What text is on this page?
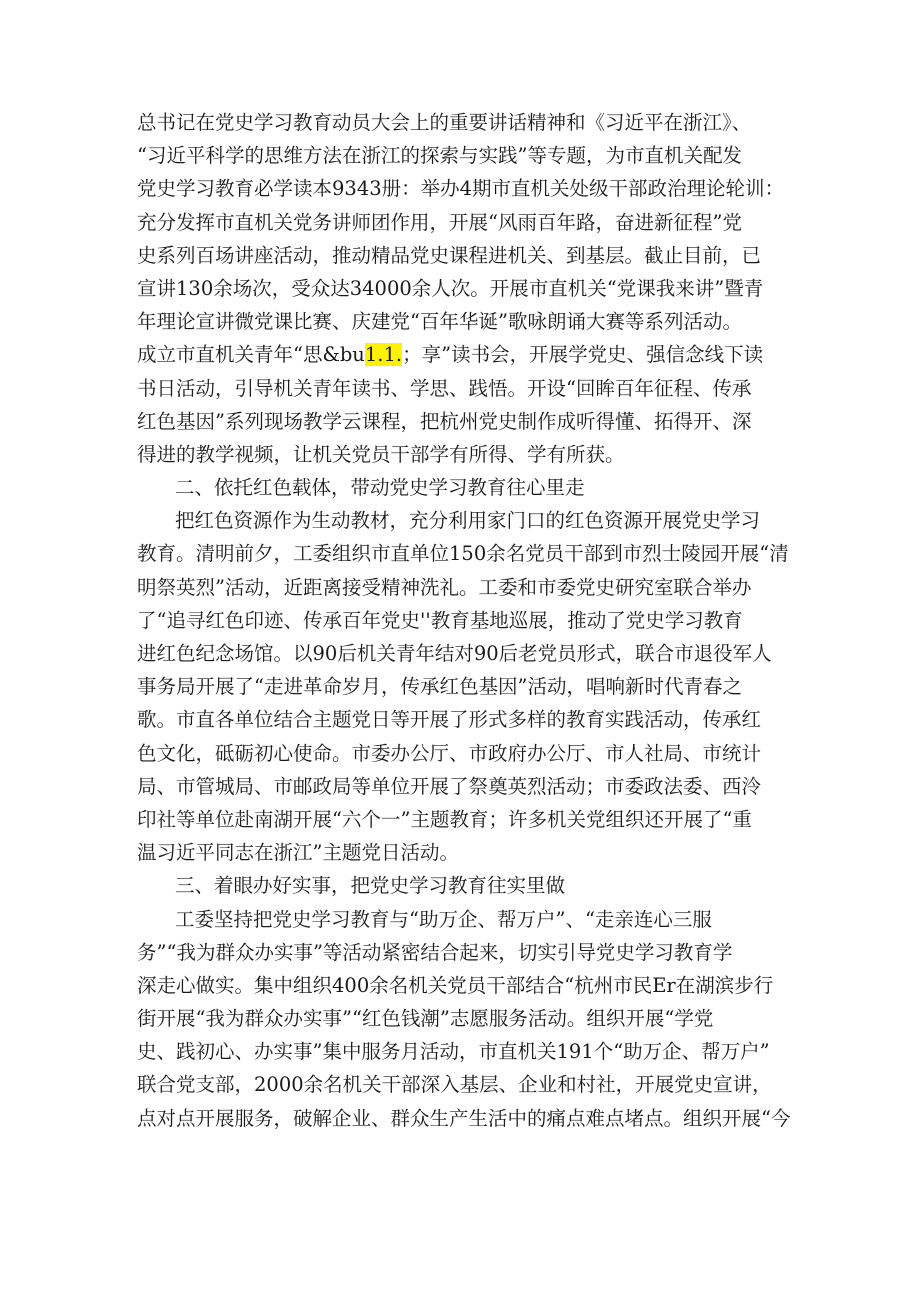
总书记在党史学习教育动员大会上的重要讲话精神和《习近平在浙江》、
“习近平科学的思维方法在浙江的探索与实践”等专题，为市直机关配发
党史学习教育必学读本9343册：举办4期市直机关处级干部政治理论轮训：
充分发挥市直机关党务讲师团作用，开展“风雨百年路，奋进新征程”党
史系列百场讲座活动，推动精品党史课程进机关、到基层。截止目前，已
宣讲130余场次，受众达34000余人次。开展市直机关“党课我来讲”暨青
年理论宣讲微党课比赛、庆建党“百年华诞”歌咏朗诵大赛等系列活动。
成立市直机关青年“思&bu1.1.；享”读书会，开展学党史、强信念线下读
书日活动，引导机关青年读书、学思、践悟。开设“回眸百年征程、传承
红色基因”系列现场教学云课程，把杭州党史制作成听得懂、拓得开、深
得进的教学视频，让机关党员干部学有所得、学有所获。
二、依托红色载体，带动党史学习教育往心里走
把红色资源作为生动教材，充分利用家门口的红色资源开展党史学习
教育。清明前夕，工委组织市直单位150余名党员干部到市烈士陵园开展“清
明祭英烈”活动，近距离接受精神洗礼。工委和市委党史研究室联合举办
了“追寻红色印迹、传承百年党史''教育基地巡展，推动了党史学习教育
进红色纪念场馆。以90后机关青年结对90后老党员形式，联合市退役军人
事务局开展了“走进革命岁月，传承红色基因”活动，唱响新时代青春之
歌。市直各单位结合主题党日等开展了形式多样的教育实践活动，传承红
色文化，砥砺初心使命。市委办公厅、市政府办公厅、市人社局、市统计
局、市管城局、市邮政局等单位开展了祭奠英烈活动；市委政法委、西泠
印社等单位赴南湖开展“六个一”主题教育；许多机关党组织还开展了“重
温习近平同志在浙江”主题党日活动。
三、着眼办好实事，把党史学习教育往实里做
工委坚持把党史学习教育与“助万企、帮万户”、“走亲连心三服
务”“我为群众办实事”等活动紧密结合起来，切实引导党史学习教育学
深走心做实。集中组织400余名机关党员干部结合“杭州市民Er在湖滨步行
街开展“我为群众办实事”“红色钱潮”志愿服务活动。组织开展“学党
史、践初心、办实事”集中服务月活动，市直机关191个“助万企、帮万户”
联合党支部，2000余名机关干部深入基层、企业和村社，开展党史宣讲，
点对点开展服务，破解企业、群众生产生活中的痛点难点堵点。组织开展“今
